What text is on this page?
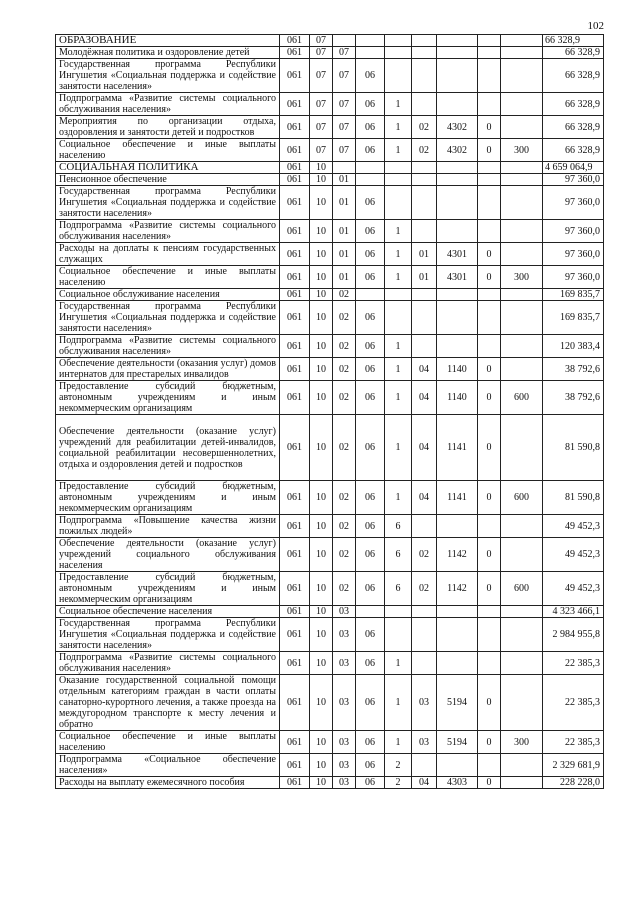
102
ОБРАЗОВАНИЕ	061	07								66 328,9
Молодёжная политика и оздоровление детей	061	07	07							66 328,9
Государственная программа Республики Ингушетия «Социальная поддержка и содействие занятости населения»	061	07	07	06						66 328,9
Подпрограмма «Развитие системы социального обслуживания населения»	061	07	07	06	1					66 328,9
Мероприятия по организации отдыха, оздоровления и занятости детей и подростков	061	07	07	06	1	02	4302	0		66 328,9
Социальное обеспечение и иные выплаты населению	061	07	07	06	1	02	4302	0	300	66 328,9
СОЦИАЛЬНАЯ ПОЛИТИКА	061	10								4 659 064,9
Пенсионное обеспечение	061	10	01							97 360,0
Государственная программа Республики Ингушетия «Социальная поддержка и содействие занятости населения»	061	10	01	06						97 360,0
Подпрограмма «Развитие системы социального обслуживания населения»	061	10	01	06	1					97 360,0
Расходы на доплаты к пенсиям государственных служащих	061	10	01	06	1	01	4301	0		97 360,0
Социальное обеспечение и иные выплаты населению	061	10	01	06	1	01	4301	0	300	97 360,0
Социальное обслуживание населения	061	10	02							169 835,7
Государственная программа Республики Ингушетия «Социальная поддержка и содействие занятости населения»	061	10	02	06						169 835,7
Подпрограмма «Развитие системы социального обслуживания населения»	061	10	02	06	1					120 383,4
Обеспечение деятельности (оказания услуг) домов интернатов для престарелых инвалидов	061	10	02	06	1	04	1140	0		38 792,6
Предоставление субсидий бюджетным, автономным учреждениям и иным некоммерческим организациям	061	10	02	06	1	04	1140	0	600	38 792,6
Обеспечение деятельности (оказание услуг) учреждений для реабилитации детей-инвалидов, социальной реабилитации несовершеннолетних, отдыха и оздоровления детей и подростков	061	10	02	06	1	04	1141	0		81 590,8
Предоставление субсидий бюджетным, автономным учреждениям и иным некоммерческим организациям	061	10	02	06	1	04	1141	0	600	81 590,8
Подпрограмма «Повышение качества жизни пожилых людей»	061	10	02	06	6					49 452,3
Обеспечение деятельности (оказание услуг) учреждений социального обслуживания населения	061	10	02	06	6	02	1142	0		49 452,3
Предоставление субсидий бюджетным, автономным учреждениям и иным некоммерческим организациям	061	10	02	06	6	02	1142	0	600	49 452,3
Социальное обеспечение населения	061	10	03							4 323 466,1
Государственная программа Республики Ингушетия «Социальная поддержка и содействие занятости населения»	061	10	03	06						2 984 955,8
Подпрограмма «Развитие системы социального обслуживания населения»	061	10	03	06	1					22 385,3
Оказание государственной социальной помощи отдельным категориям граждан в части оплаты санаторно-курортного лечения, а также проезда на междугородном транспорте к месту лечения и обратно	061	10	03	06	1	03	5194	0		22 385,3
Социальное обеспечение и иные выплаты населению	061	10	03	06	1	03	5194	0	300	22 385,3
Подпрограмма «Социальное обеспечение населения»	061	10	03	06	2					2 329 681,9
Расходы на выплату ежемесячного пособия	061	10	03	06	2	04	4303	0		228 228,0
